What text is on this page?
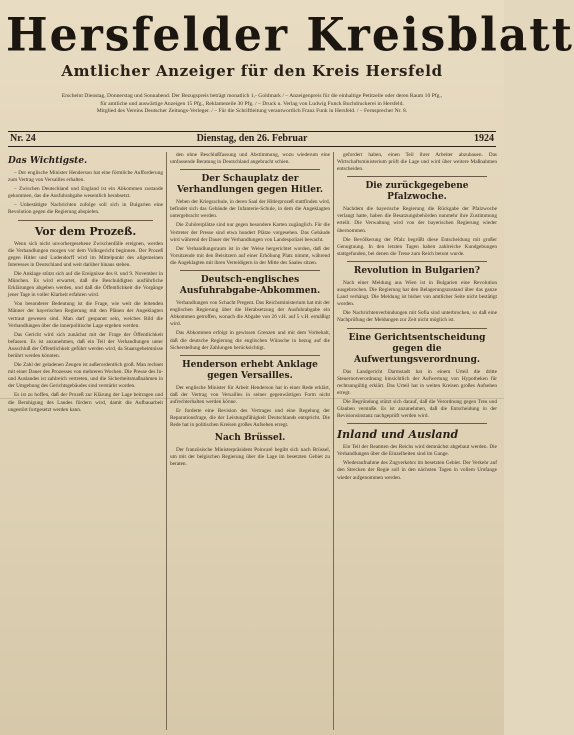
Hersfelder Kreisblatt
Amtlicher Anzeiger für den Kreis Hersfeld
Erscheint Dienstag, Donnerstag und Sonnabend. Der Bezugspreis beträgt monatlich 1,- Goldmark / – Anzeigenpreis für die einhaltige Petitzeile oder deren Raum 10 Pfg.,
für amtliche und auswärtige Anzeigen 15 Pfg., Reklamezeile 30 Pfg. / – Druck u. Verlag von Ludwig Funck Buchdruckerei in Hersfeld.
Mitglied des Vereins Deutscher Zeitungs-Verleger. / – Für die Schriftleitung verantwortlich Franz Funk in Hersfeld. / – Fernsprecher Nr. 8.
Nr. 24	Dienstag, den 26. Februar	1924
Das Wichtigste.

– Der englische Minister Henderson hat eine förmliche Aufforderung zum Vertrag von Versailles erhalten.

– Zwischen Deutschland und England ist ein Abkommen zustande gekommen, das die Ausfuhrabgabe wesentlich herabsetzt.

– Unbestätigte Nachrichten zufolge soll sich in Bulgarien eine Revolution gegen die Regierung abspielen.

Vor dem Prozeß.

Wenn sich nicht unvorhergesehene Zwischenfälle ereignen, werden die Verhandlungen morgen vor dem Volksgericht beginnen. Der Prozeß gegen Hitler und Ludendorff wird im Mittelpunkt des allgemeinen Interesses in Deutschland und weit darüber hinaus stehen.

Die Anklage stützt sich auf die Ereignisse des 8. und 9. November in München. Es wird erwartet, daß die Beschuldigten ausführliche Erklärungen abgeben werden, und daß die Öffentlichkeit die Vorgänge jener Tage in voller Klarheit erfahren wird.

Von besonderer Bedeutung ist die Frage, wie weit die leitenden Männer der bayerischen Regierung mit den Plänen der Angeklagten vertraut gewesen sind. Man darf gespannt sein, welches Bild die Verhandlungen über die innerpolitische Lage ergeben werden.

Das Gericht wird sich zunächst mit der Frage der Öffentlichkeit befassen. Es ist anzunehmen, daß ein Teil der Verhandlungen unter Ausschluß der Öffentlichkeit geführt werden wird, da Staatsgeheimnisse berührt werden könnten.

Die Zahl der geladenen Zeugen ist außerordentlich groß. Man rechnet mit einer Dauer des Prozesses von mehreren Wochen. Die Presse des In- und Auslandes ist zahlreich vertreten, und die Sicherheitsmaßnahmen in der Umgebung des Gerichtsgebäudes sind verstärkt worden.

Es ist zu hoffen, daß der Prozeß zur Klärung der Lage beitragen und die Beruhigung des Landes fördern wird, damit die Aufbauarbeit ungestört fortgesetzt werden kann.

den ohne Beschlußfassung und Abstimmung, wozu wiederum eine umfassende Beratung in Deutschland angebracht schien.

Der Schauplatz der Verhandlungen gegen Hitler.

Neben der Kriegsschule, in deren Saal der Hitlerprozeß stattfinden wird, befindet sich das Gebäude der Infanterie-Schule, in dem die Angeklagten untergebracht werden.

Die Zuhörerplätze sind nur gegen besondere Karten zugänglich. Für die Vertreter der Presse sind etwa hundert Plätze vorgesehen. Das Gebäude wird während der Dauer der Verhandlungen von Landespolizei bewacht.

Der Verhandlungsraum ist in der Weise hergerichtet worden, daß der Vorsitzende mit den Beisitzern auf einer Erhöhung Platz nimmt, während die Angeklagten mit ihren Verteidigern in der Mitte des Saales sitzen.

Deutsch-englisches Ausfuhrabgabe-Abkommen.

Verhandlungen von Schacht Pregent. Das Reichsministerium hat mit der englischen Regierung über die Herabsetzung der Ausfuhrabgabe ein Abkommen getroffen, wonach die Abgabe von 26 v.H. auf 5 v.H. ermäßigt wird.

Das Abkommen erfolgt in gewissen Grenzen und mit dem Vorbehalt, daß die deutsche Regierung die englischen Wünsche in bezug auf die Sicherstellung der Zahlungen berücksichtigt.

Henderson erhebt Anklage gegen Versailles.

Der englische Minister für Arbeit Henderson hat in einer Rede erklärt, daß der Vertrag von Versailles in seiner gegenwärtigen Form nicht aufrechterhalten werden könne.

Er forderte eine Revision des Vertrages und eine Regelung der Reparationsfrage, die der Leistungsfähigkeit Deutschlands entspricht. Die Rede hat in politischen Kreisen großes Aufsehen erregt.

Nach Brüssel.

Der französische Ministerpräsident Poincaré begibt sich nach Brüssel, um mit der belgischen Regierung über die Lage im besetzten Gebiet zu beraten.

gefordert haben, einen Teil ihrer Arbeiter abzubauen. Das Wirtschaftsministerium prüft die Lage und wird über weitere Maßnahmen entscheiden.

Die zurückgegebene Pfalzwoche.

Nachdem die bayerische Regierung die Rückgabe der Pfalzwoche verlangt hatte, haben die Besatzungsbehörden nunmehr ihre Zustimmung erteilt. Die Verwaltung wird von der bayerischen Regierung wieder übernommen.

Die Bevölkerung der Pfalz begrüßt diese Entscheidung mit großer Genugtuung. In den letzten Tagen haben zahlreiche Kundgebungen stattgefunden, bei denen die Treue zum Reich betont wurde.

Revolution in Bulgarien?

Nach einer Meldung aus Wien ist in Bulgarien eine Revolution ausgebrochen. Die Regierung hat den Belagerungszustand über das ganze Land verhängt. Die Meldung ist bisher von amtlicher Seite nicht bestätigt worden.

Die Nachrichtenverbindungen mit Sofia sind unterbrochen, so daß eine Nachprüfung der Meldungen zur Zeit nicht möglich ist.

Eine Gerichtsentscheidung gegen die Aufwertungsverordnung.

Das Landgericht Darmstadt hat in einem Urteil die dritte Steuernotverordnung hinsichtlich der Aufwertung von Hypotheken für rechtsungültig erklärt. Das Urteil hat in weiten Kreisen großes Aufsehen erregt.

Die Begründung stützt sich darauf, daß die Verordnung gegen Treu und Glauben verstoße. Es ist anzunehmen, daß die Entscheidung in der Revisionsinstanz nachgeprüft werden wird.

Inland und Ausland

Ein Teil der Beamten des Reichs wird demnächst abgebaut werden. Die Verhandlungen über die Einzelheiten sind im Gange.

Wiederaufnahme des Zugverkehrs im besetzten Gebiet. Der Verkehr auf den Strecken der Regie soll in den nächsten Tagen in vollem Umfange wieder aufgenommen werden.
